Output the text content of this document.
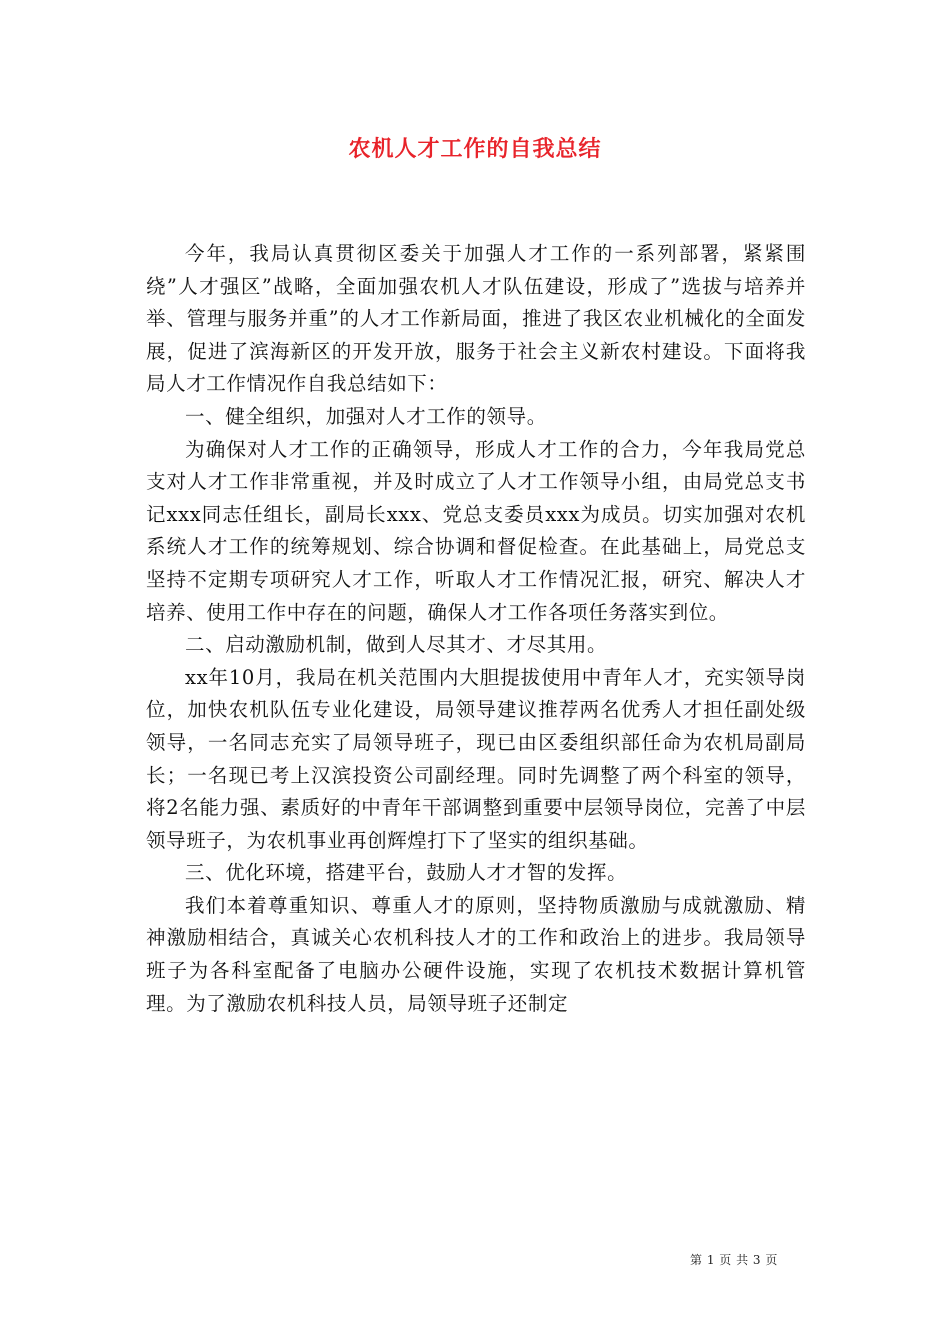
农机人才工作的自我总结

今年，我局认真贯彻区委关于加强人才工作的一系列部署，紧紧围绕”人才强区”战略，全面加强农机人才队伍建设，形成了”选拔与培养并举、管理与服务并重”的人才工作新局面，推进了我区农业机械化的全面发展，促进了滨海新区的开发开放，服务于社会主义新农村建设。下面将我局人才工作情况作自我总结如下：

一、健全组织，加强对人才工作的领导。

为确保对人才工作的正确领导，形成人才工作的合力，今年我局党总支对人才工作非常重视，并及时成立了人才工作领导小组，由局党总支书记xxx同志任组长，副局长xxx、党总支委员xxx为成员。切实加强对农机系统人才工作的统筹规划、综合协调和督促检查。在此基础上，局党总支坚持不定期专项研究人才工作，听取人才工作情况汇报，研究、解决人才培养、使用工作中存在的问题，确保人才工作各项任务落实到位。

二、启动激励机制，做到人尽其才、才尽其用。

xx年10月，我局在机关范围内大胆提拔使用中青年人才，充实领导岗位，加快农机队伍专业化建设，局领导建议推荐两名优秀人才担任副处级领导，一名同志充实了局领导班子，现已由区委组织部任命为农机局副局长；一名现已考上汉滨投资公司副经理。同时先调整了两个科室的领导，将2名能力强、素质好的中青年干部调整到重要中层领导岗位，完善了中层领导班子，为农机事业再创辉煌打下了坚实的组织基础。

三、优化环境，搭建平台，鼓励人才才智的发挥。

我们本着尊重知识、尊重人才的原则，坚持物质激励与成就激励、精神激励相结合，真诚关心农机科技人才的工作和政治上的进步。我局领导班子为各科室配备了电脑办公硬件设施，实现了农机技术数据计算机管理。为了激励农机科技人员，局领导班子还制定

第 1 页 共 3 页
